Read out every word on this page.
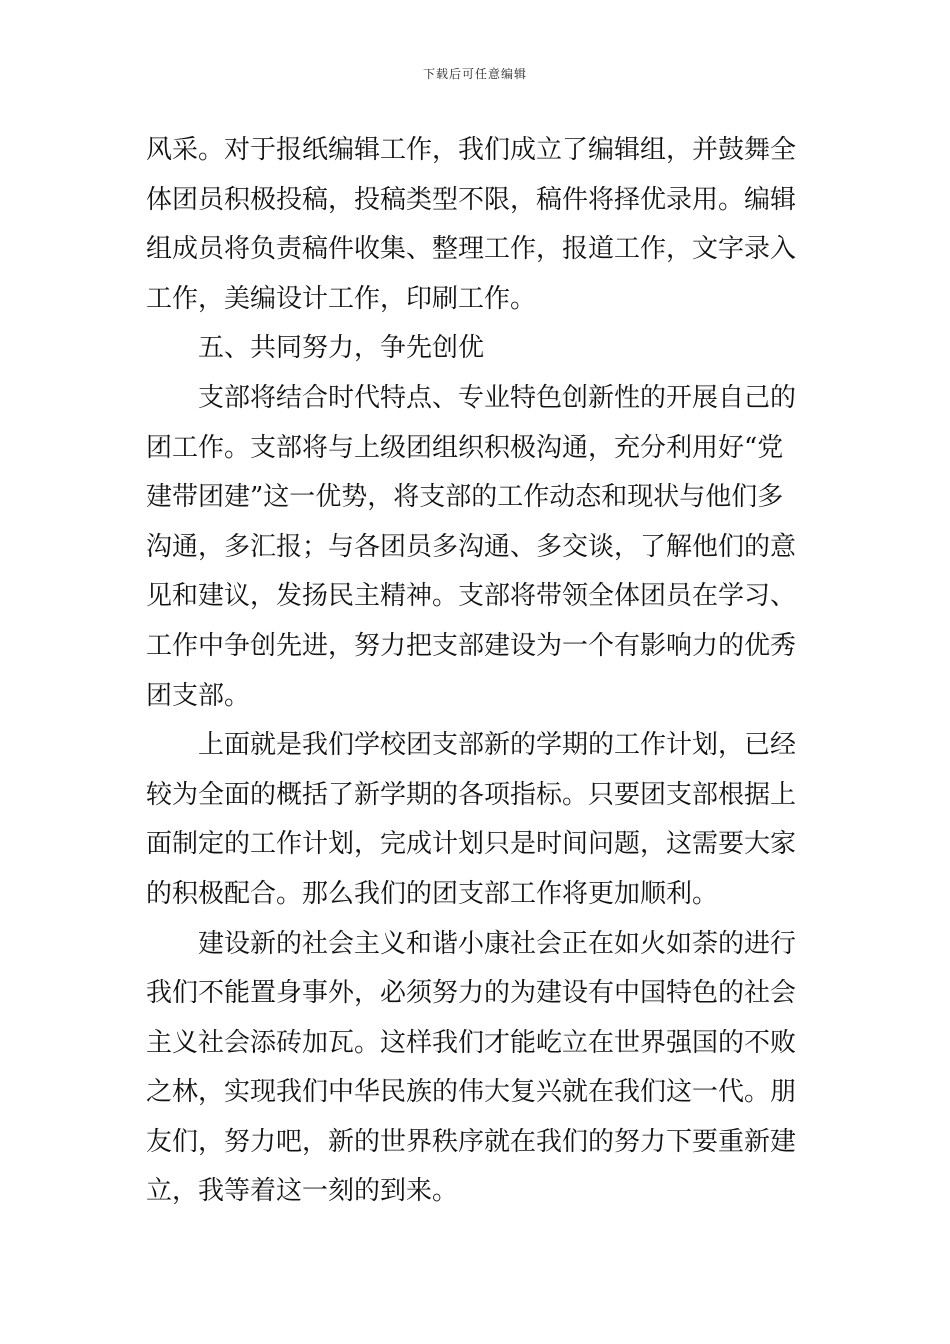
下载后可任意编辑
风采。对于报纸编辑工作，我们成立了编辑组，并鼓舞全
体团员积极投稿，投稿类型不限，稿件将择优录用。编辑
组成员将负责稿件收集、整理工作，报道工作，文字录入
工作，美编设计工作，印刷工作。
五、共同努力，争先创优
支部将结合时代特点、专业特色创新性的开展自己的
团工作。支部将与上级团组织积极沟通，充分利用好“党
建带团建”这一优势，将支部的工作动态和现状与他们多
沟通，多汇报；与各团员多沟通、多交谈，了解他们的意
见和建议，发扬民主精神。支部将带领全体团员在学习、
工作中争创先进，努力把支部建设为一个有影响力的优秀
团支部。
上面就是我们学校团支部新的学期的工作计划，已经
较为全面的概括了新学期的各项指标。只要团支部根据上
面制定的工作计划，完成计划只是时间问题，这需要大家
的积极配合。那么我们的团支部工作将更加顺利。
建设新的社会主义和谐小康社会正在如火如荼的进行
我们不能置身事外，必须努力的为建设有中国特色的社会
主义社会添砖加瓦。这样我们才能屹立在世界强国的不败
之林，实现我们中华民族的伟大复兴就在我们这一代。朋
友们，努力吧，新的世界秩序就在我们的努力下要重新建
立，我等着这一刻的到来。
